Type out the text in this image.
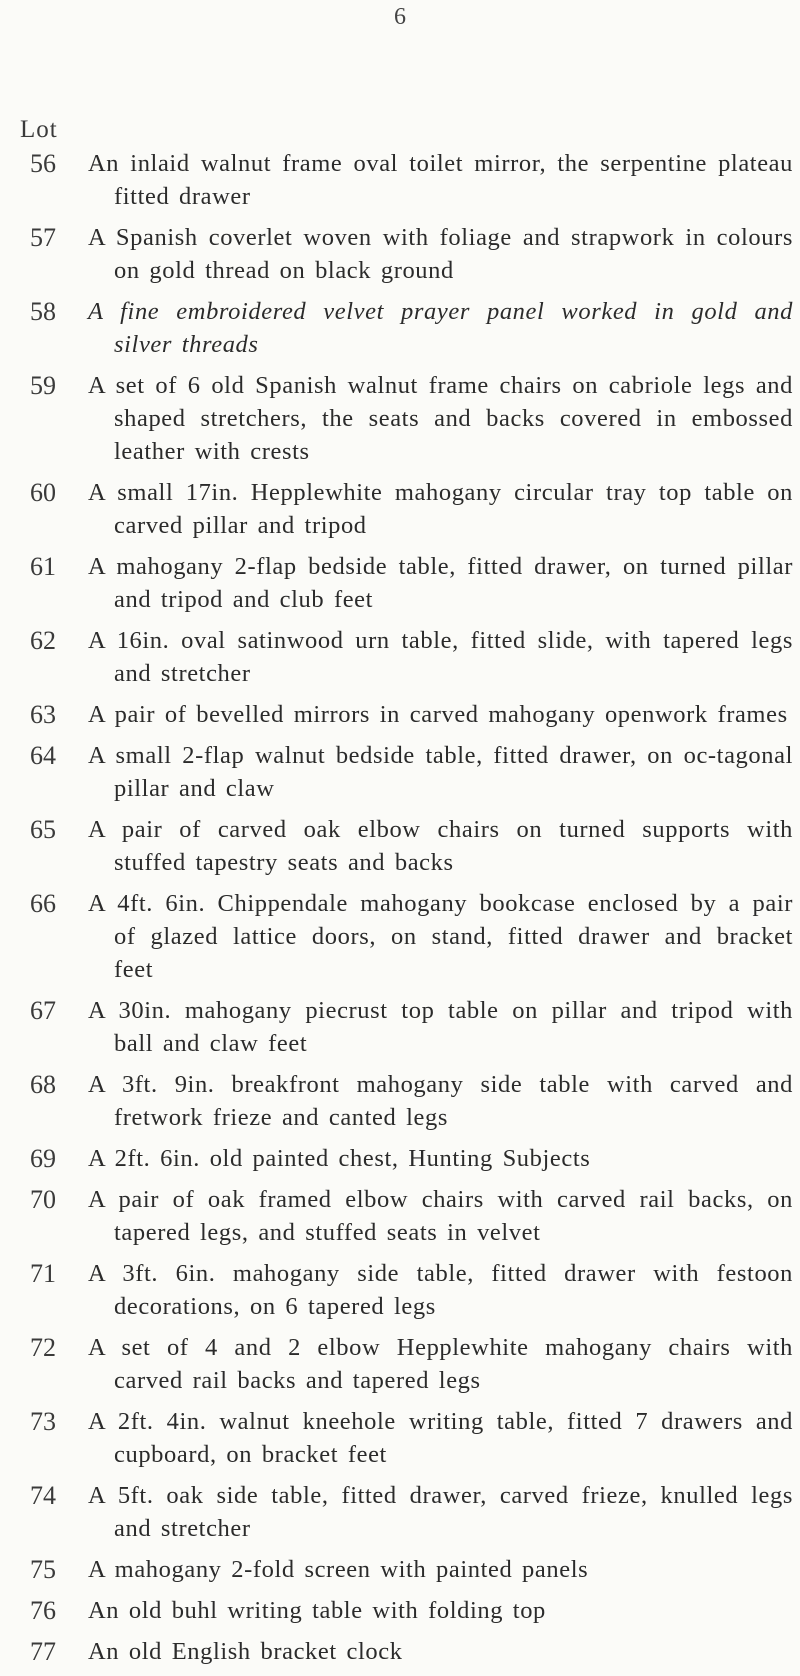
6
Lot
56 An inlaid walnut frame oval toilet mirror, the serpentine plateau fitted drawer
57 A Spanish coverlet woven with foliage and strapwork in colours on gold thread on black ground
58 A fine embroidered velvet prayer panel worked in gold and silver threads
59 A set of 6 old Spanish walnut frame chairs on cabriole legs and shaped stretchers, the seats and backs covered in embossed leather with crests
60 A small 17in. Hepplewhite mahogany circular tray top table on carved pillar and tripod
61 A mahogany 2-flap bedside table, fitted drawer, on turned pillar and tripod and club feet
62 A 16in. oval satinwood urn table, fitted slide, with tapered legs and stretcher
63 A pair of bevelled mirrors in carved mahogany openwork frames
64 A small 2-flap walnut bedside table, fitted drawer, on oc-tagonal pillar and claw
65 A pair of carved oak elbow chairs on turned supports with stuffed tapestry seats and backs
66 A 4ft. 6in. Chippendale mahogany bookcase enclosed by a pair of glazed lattice doors, on stand, fitted drawer and bracket feet
67 A 30in. mahogany piecrust top table on pillar and tripod with ball and claw feet
68 A 3ft. 9in. breakfront mahogany side table with carved and fretwork frieze and canted legs
69 A 2ft. 6in. old painted chest, Hunting Subjects
70 A pair of oak framed elbow chairs with carved rail backs, on tapered legs, and stuffed seats in velvet
71 A 3ft. 6in. mahogany side table, fitted drawer with festoon decorations, on 6 tapered legs
72 A set of 4 and 2 elbow Hepplewhite mahogany chairs with carved rail backs and tapered legs
73 A 2ft. 4in. walnut kneehole writing table, fitted 7 drawers and cupboard, on bracket feet
74 A 5ft. oak side table, fitted drawer, carved frieze, knulled legs and stretcher
75 A mahogany 2-fold screen with painted panels
76 An old buhl writing table with folding top
77 An old English bracket clock
